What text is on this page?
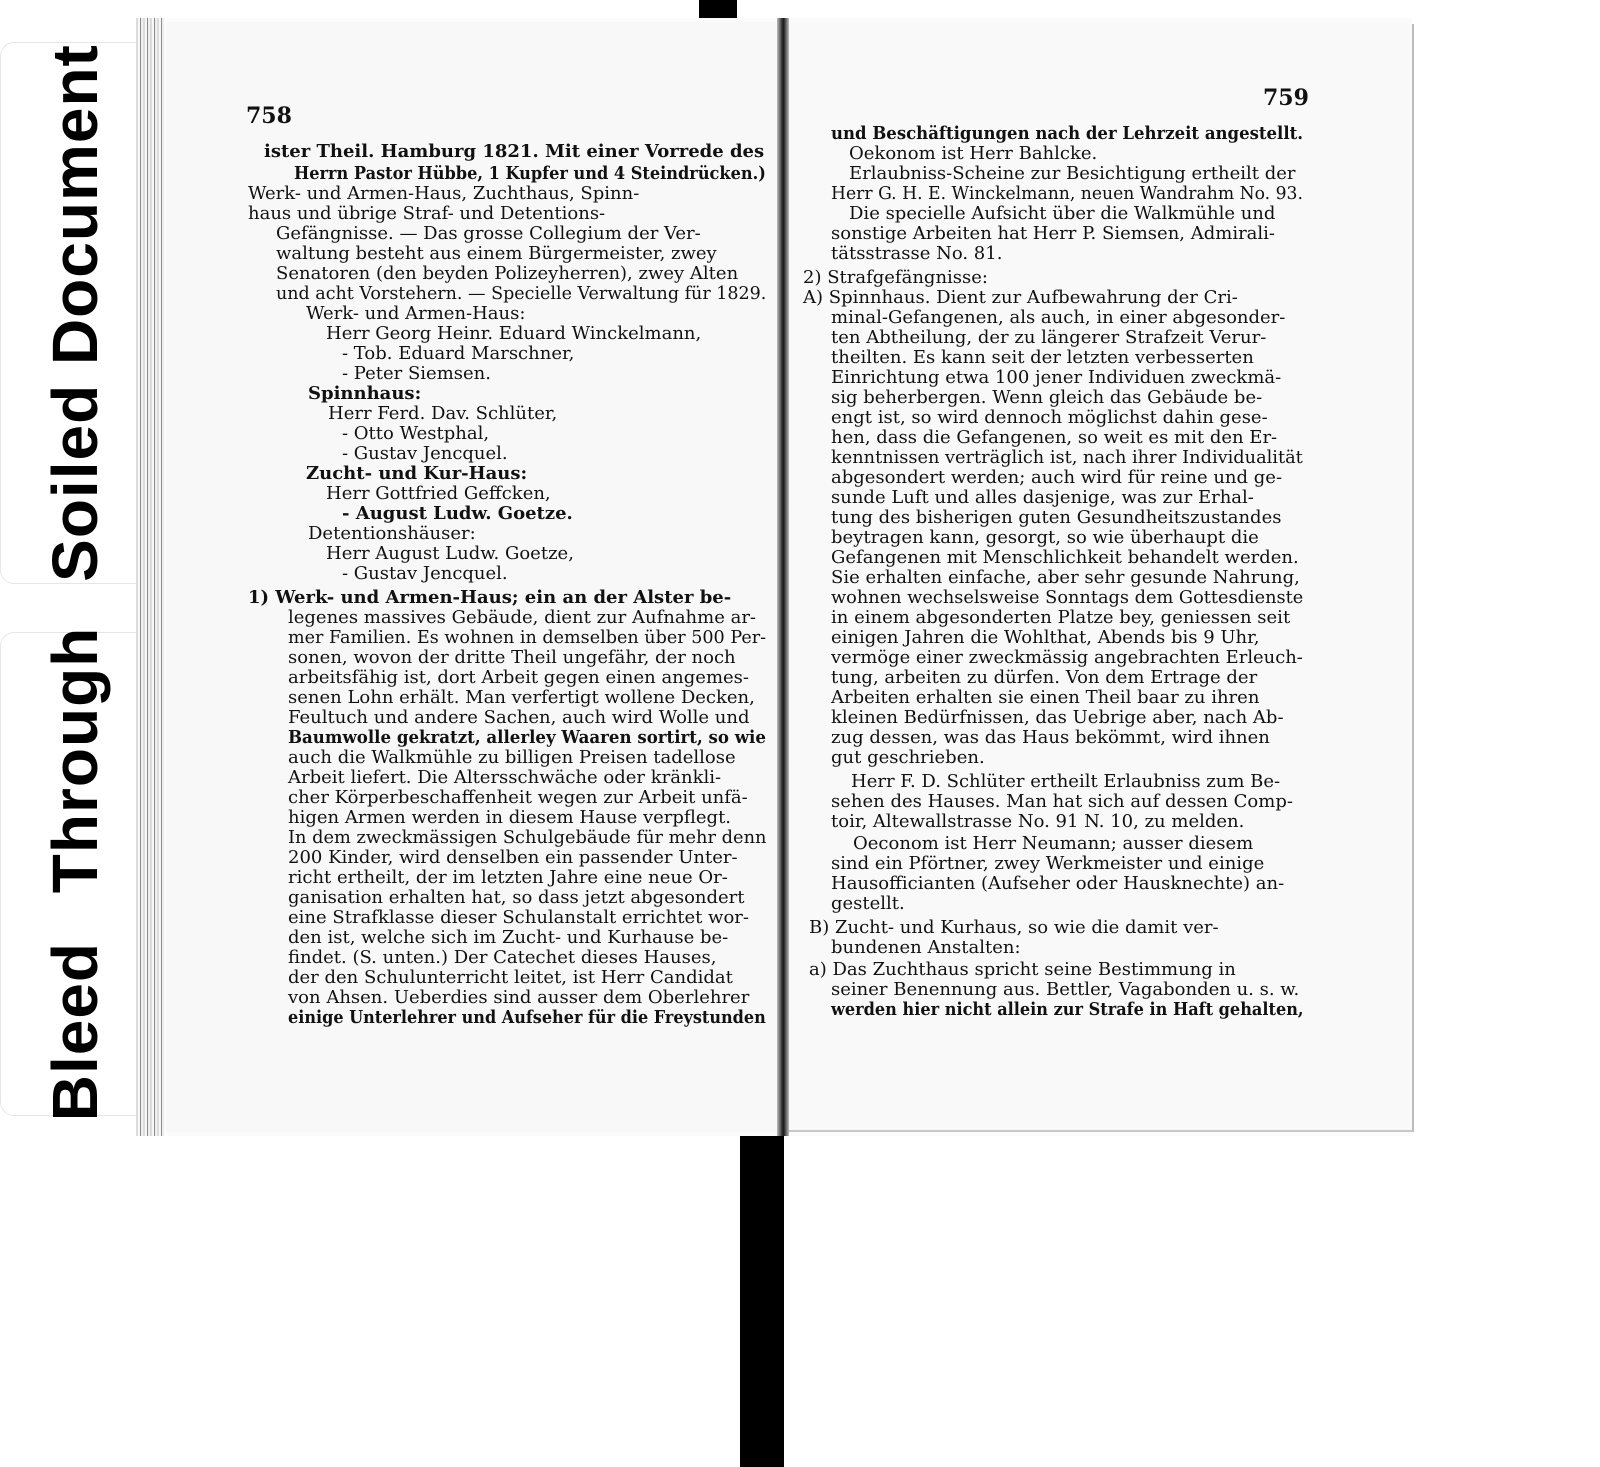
Soiled Document
Bleed Through
758
ister Theil. Hamburg 1821. Mit einer Vorrede des
Herrn Pastor Hübbe, 1 Kupfer und 4 Steindrücken.)
Werk- und Armen-Haus, Zuchthaus, Spinn-
haus und übrige Straf- und Detentions-
Gefängnisse. — Das grosse Collegium der Ver-
waltung besteht aus einem Bürgermeister, zwey
Senatoren (den beyden Polizeyherren), zwey Alten
und acht Vorstehern. — Specielle Verwaltung für 1829.
Werk- und Armen-Haus:
Herr Georg Heinr. Eduard Winckelmann,
- Tob. Eduard Marschner,
- Peter Siemsen.
Spinnhaus:
Herr Ferd. Dav. Schlüter,
- Otto Westphal,
- Gustav Jencquel.
Zucht- und Kur-Haus:
Herr Gottfried Geffcken,
- August Ludw. Goetze.
Detentionshäuser:
Herr August Ludw. Goetze,
- Gustav Jencquel.
1) Werk- und Armen-Haus; ein an der Alster be-
legenes massives Gebäude, dient zur Aufnahme ar-
mer Familien. Es wohnen in demselben über 500 Per-
sonen, wovon der dritte Theil ungefähr, der noch
arbeitsfähig ist, dort Arbeit gegen einen angemes-
senen Lohn erhält. Man verfertigt wollene Decken,
Feultuch und andere Sachen, auch wird Wolle und
Baumwolle gekratzt, allerley Waaren sortirt, so wie
auch die Walkmühle zu billigen Preisen tadellose
Arbeit liefert. Die Altersschwäche oder kränkli-
cher Körperbeschaffenheit wegen zur Arbeit unfä-
higen Armen werden in diesem Hause verpflegt.
In dem zweckmässigen Schulgebäude für mehr denn
200 Kinder, wird denselben ein passender Unter-
richt ertheilt, der im letzten Jahre eine neue Or-
ganisation erhalten hat, so dass jetzt abgesondert
eine Strafklasse dieser Schulanstalt errichtet wor-
den ist, welche sich im Zucht- und Kurhause be-
findet. (S. unten.) Der Catechet dieses Hauses,
der den Schulunterricht leitet, ist Herr Candidat
von Ahsen. Ueberdies sind ausser dem Oberlehrer
einige Unterlehrer und Aufseher für die Freystunden
759
und Beschäftigungen nach der Lehrzeit angestellt.
Oekonom ist Herr Bahlcke.
Erlaubniss-Scheine zur Besichtigung ertheilt der
Herr G. H. E. Winckelmann, neuen Wandrahm No. 93.
Die specielle Aufsicht über die Walkmühle und
sonstige Arbeiten hat Herr P. Siemsen, Admirali-
tätsstrasse No. 81.
2) Strafgefängnisse:
A) Spinnhaus. Dient zur Aufbewahrung der Cri-
minal-Gefangenen, als auch, in einer abgesonder-
ten Abtheilung, der zu längerer Strafzeit Verur-
theilten. Es kann seit der letzten verbesserten
Einrichtung etwa 100 jener Individuen zweckmä-
sig beherbergen. Wenn gleich das Gebäude be-
engt ist, so wird dennoch möglichst dahin gese-
hen, dass die Gefangenen, so weit es mit den Er-
kenntnissen verträglich ist, nach ihrer Individualität
abgesondert werden; auch wird für reine und ge-
sunde Luft und alles dasjenige, was zur Erhal-
tung des bisherigen guten Gesundheitszustandes
beytragen kann, gesorgt, so wie überhaupt die
Gefangenen mit Menschlichkeit behandelt werden.
Sie erhalten einfache, aber sehr gesunde Nahrung,
wohnen wechselsweise Sonntags dem Gottesdienste
in einem abgesonderten Platze bey, geniessen seit
einigen Jahren die Wohlthat, Abends bis 9 Uhr,
vermöge einer zweckmässig angebrachten Erleuch-
tung, arbeiten zu dürfen. Von dem Ertrage der
Arbeiten erhalten sie einen Theil baar zu ihren
kleinen Bedürfnissen, das Uebrige aber, nach Ab-
zug dessen, was das Haus bekömmt, wird ihnen
gut geschrieben.
Herr F. D. Schlüter ertheilt Erlaubniss zum Be-
sehen des Hauses. Man hat sich auf dessen Comp-
toir, Altewallstrasse No. 91 N. 10, zu melden.
Oeconom ist Herr Neumann; ausser diesem
sind ein Pförtner, zwey Werkmeister und einige
Hausofficianten (Aufseher oder Hausknechte) an-
gestellt.
B) Zucht- und Kurhaus, so wie die damit ver-
bundenen Anstalten:
a) Das Zuchthaus spricht seine Bestimmung in
seiner Benennung aus. Bettler, Vagabonden u. s. w.
werden hier nicht allein zur Strafe in Haft gehalten,
